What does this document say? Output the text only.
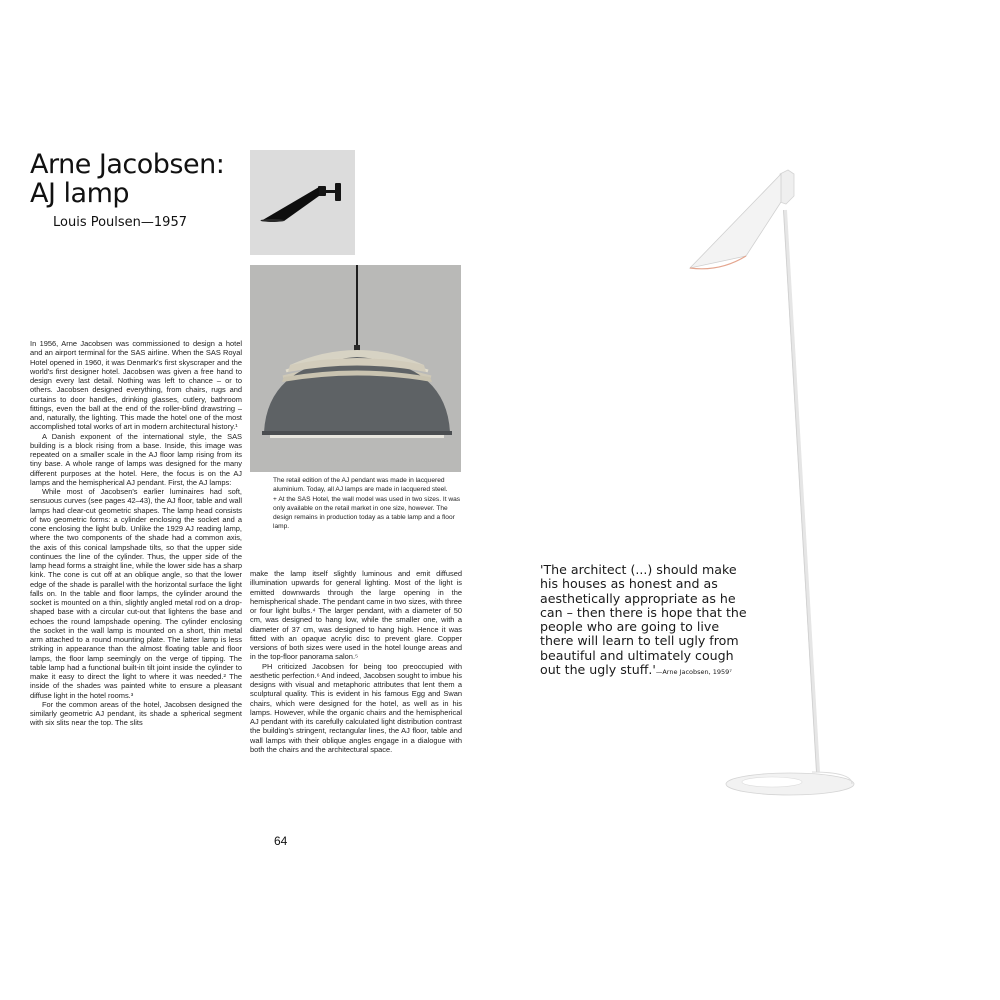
Arne Jacobsen:
AJ lamp
Louis Poulsen—1957

The retail edition of the AJ pendant was made in lacquered aluminium. Today, all AJ lamps are made in lacquered steel.

+ At the SAS Hotel, the wall model was used in two sizes. It was only available on the retail market in one size, however. The design remains in production today as a table lamp and a floor lamp.

In 1956, Arne Jacobsen was commissioned to design a hotel and an airport terminal for the SAS airline. When the SAS Royal Hotel opened in 1960, it was Denmark's first skyscraper and the world's first designer hotel. Jacobsen was given a free hand to design every last detail. Nothing was left to chance – or to others. Jacobsen designed everything, from chairs, rugs and curtains to door handles, drinking glasses, cutlery, bathroom fittings, even the ball at the end of the roller-blind drawstring – and, naturally, the lighting. This made the hotel one of the most accomplished total works of art in modern architectural history.¹

A Danish exponent of the international style, the SAS building is a block rising from a base. Inside, this image was repeated on a smaller scale in the AJ floor lamp rising from its tiny base. A whole range of lamps was designed for the many different purposes at the hotel. Here, the focus is on the AJ lamps and the hemispherical AJ pendant. First, the AJ lamps:

While most of Jacobsen's earlier luminaires had soft, sensuous curves (see pages 42–43), the AJ floor, table and wall lamps had clear-cut geometric shapes. The lamp head consists of two geometric forms: a cylinder enclosing the socket and a cone enclosing the light bulb. Unlike the 1929 AJ reading lamp, where the two components of the shade had a common axis, the axis of this conical lampshade tilts, so that the upper side continues the line of the cylinder. Thus, the upper side of the lamp head forms a straight line, while the lower side has a sharp kink. The cone is cut off at an oblique angle, so that the lower edge of the shade is parallel with the horizontal surface the light falls on. In the table and floor lamps, the cylinder around the socket is mounted on a thin, slightly angled metal rod on a drop-shaped base with a circular cut-out that lightens the base and echoes the round lampshade opening. The cylinder enclosing the socket in the wall lamp is mounted on a short, thin metal arm attached to a round mounting plate. The latter lamp is less striking in appearance than the almost floating table and floor lamps, the floor lamp seemingly on the verge of tipping. The table lamp had a functional built-in tilt joint inside the cylinder to make it easy to direct the light to where it was needed.² The inside of the shades was painted white to ensure a pleasant diffuse light in the hotel rooms.³

For the common areas of the hotel, Jacobsen designed the similarly geometric AJ pendant, its shade a spherical segment with six slits near the top. The slits

make the lamp itself slightly luminous and emit diffused illumination upwards for general lighting. Most of the light is emitted downwards through the large opening in the hemispherical shade. The pendant came in two sizes, with three or four light bulbs.⁴ The larger pendant, with a diameter of 50 cm, was designed to hang low, while the smaller one, with a diameter of 37 cm, was designed to hang high. Hence it was fitted with an opaque acrylic disc to prevent glare. Copper versions of both sizes were used in the hotel lounge areas and in the top-floor panorama salon.⁵

PH criticized Jacobsen for being too preoccupied with aesthetic perfection.⁶ And indeed, Jacobsen sought to imbue his designs with visual and metaphoric attributes that lent them a sculptural quality. This is evident in his famous Egg and Swan chairs, which were designed for the hotel, as well as in his lamps. However, while the organic chairs and the hemispherical AJ pendant with its carefully calculated light distribution contrast the building's stringent, rectangular lines, the AJ floor, table and wall lamps with their oblique angles engage in a dialogue with both the chairs and the architectural space.

64
'The architect (...) should make his houses as honest and as aesthetically appropriate as he can – then there is hope that the people who are going to live there will learn to tell ugly from beautiful and ultimately cough out the ugly stuff.'—Arne Jacobsen, 1959⁷
